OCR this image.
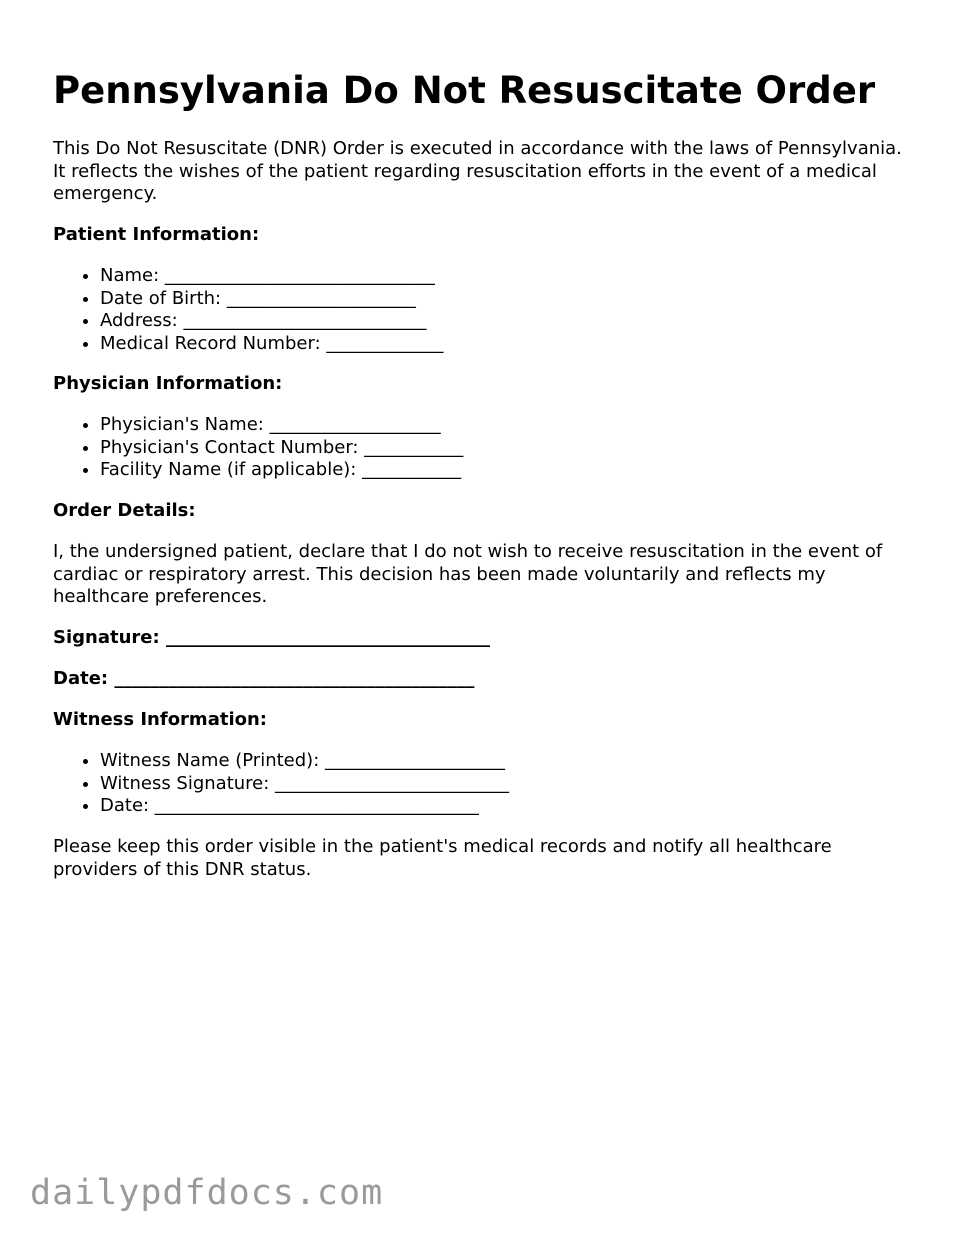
Pennsylvania Do Not Resuscitate Order

This Do Not Resuscitate (DNR) Order is executed in accordance with the laws of Pennsylvania. It reflects the wishes of the patient regarding resuscitation efforts in the event of a medical emergency.

Patient Information:
• Name: ______________________________
• Date of Birth: _____________________
• Address: ___________________________
• Medical Record Number: _____________
Physician Information:
• Physician's Name: ___________________
• Physician's Contact Number: ___________
• Facility Name (if applicable): ___________
Order Details:

I, the undersigned patient, declare that I do not wish to receive resuscitation in the event of cardiac or respiratory arrest. This decision has been made voluntarily and reflects my healthcare preferences.

Signature: ____________________________________
Date: ________________________________________
Witness Information:
• Witness Name (Printed): ____________________
• Witness Signature: __________________________
• Date: ____________________________________

Please keep this order visible in the patient's medical records and notify all healthcare providers of this DNR status.

dailypdfdocs.com
